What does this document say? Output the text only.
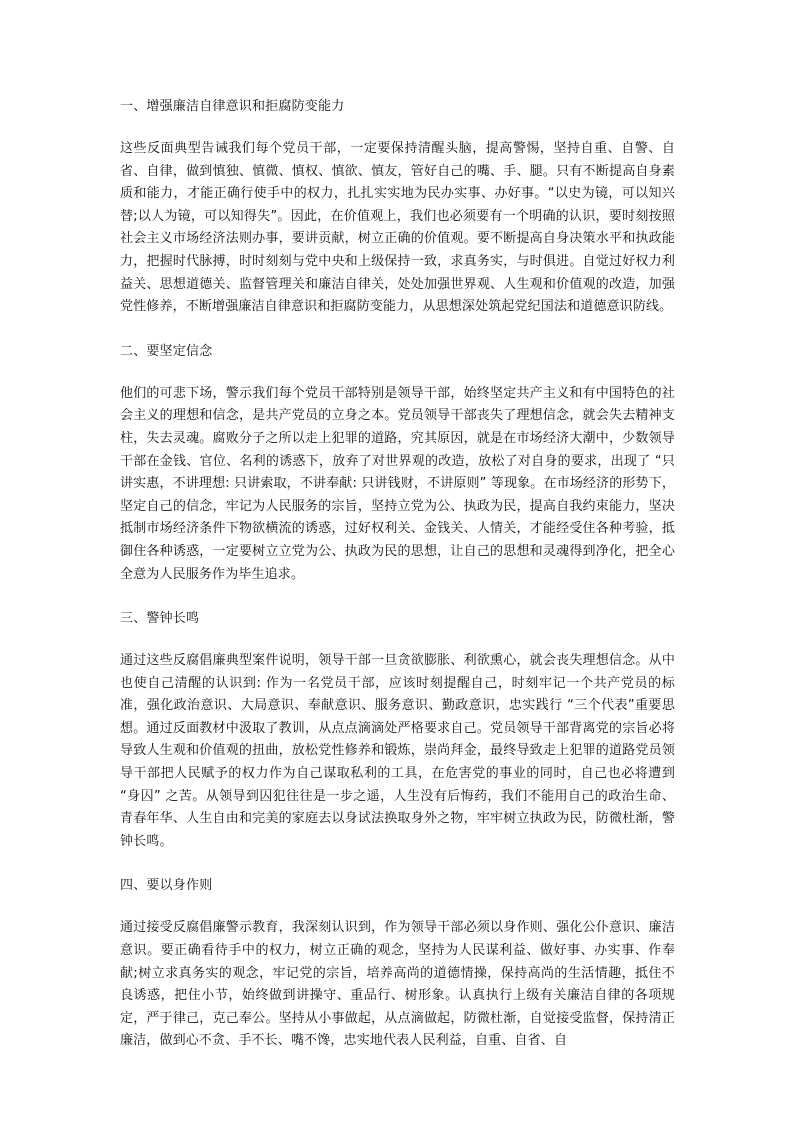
一、增强廉洁自律意识和拒腐防变能力

这些反面典型告诫我们每个党员干部，一定要保持清醒头脑，提高警惕，坚持自重、自警、自省、自律，做到慎独、慎微、慎权、慎欲、慎友，管好自己的嘴、手、腿。只有不断提高自身素质和能力，才能正确行使手中的权力，扎扎实实地为民办实事、办好事。“以史为镜，可以知兴替;以人为镜，可以知得失”。因此，在价值观上，我们也必须要有一个明确的认识，要时刻按照社会主义市场经济法则办事，要讲贡献，树立正确的价值观。要不断提高自身决策水平和执政能力，把握时代脉搏，时时刻刻与党中央和上级保持一致，求真务实，与时俱进。自觉过好权力利益关、思想道德关、监督管理关和廉洁自律关，处处加强世界观、人生观和价值观的改造，加强党性修养，不断增强廉洁自律意识和拒腐防变能力，从思想深处筑起党纪国法和道德意识防线。

二、要坚定信念

他们的可悲下场，警示我们每个党员干部特别是领导干部，始终坚定共产主义和有中国特色的社会主义的理想和信念，是共产党员的立身之本。党员领导干部丧失了理想信念，就会失去精神支柱，失去灵魂。腐败分子之所以走上犯罪的道路，究其原因，就是在市场经济大潮中，少数领导干部在金钱、官位、名利的诱惑下，放弃了对世界观的改造，放松了对自身的要求，出现了 “只讲实惠，不讲理想: 只讲索取，不讲奉献: 只讲钱财，不讲原则” 等现象。在市场经济的形势下，坚定自己的信念，牢记为人民服务的宗旨，坚持立党为公、执政为民，提高自我约束能力，坚决抵制市场经济条件下物欲横流的诱惑，过好权利关、金钱关、人情关，才能经受住各种考验，抵御住各种诱惑，一定要树立立党为公、执政为民的思想，让自己的思想和灵魂得到净化，把全心全意为人民服务作为毕生追求。

三、警钟长鸣

通过这些反腐倡廉典型案件说明，领导干部一旦贪欲膨胀、利欲熏心，就会丧失理想信念。从中也使自己清醒的认识到: 作为一名党员干部，应该时刻提醒自己，时刻牢记一个共产党员的标准，强化政治意识、大局意识、奉献意识、服务意识、勤政意识，忠实践行 “三个代表”重要思想。通过反面教材中汲取了教训，从点点滴滴处严格要求自己。党员领导干部背离党的宗旨必将导致人生观和价值观的扭曲，放松党性修养和锻炼，崇尚拜金，最终导致走上犯罪的道路党员领导干部把人民赋予的权力作为自己谋取私利的工具，在危害党的事业的同时，自己也必将遭到 “身囚” 之苦。从领导到囚犯往往是一步之遥，人生没有后悔药，我们不能用自己的政治生命、青春年华、人生自由和完美的家庭去以身试法换取身外之物，牢牢树立执政为民，防微杜渐，警钟长鸣。

四、要以身作则

通过接受反腐倡廉警示教育，我深刻认识到，作为领导干部必须以身作则、强化公仆意识、廉洁意识。要正确看待手中的权力，树立正确的观念，坚持为人民谋利益、做好事、办实事、作奉献;树立求真务实的观念，牢记党的宗旨，培养高尚的道德情操，保持高尚的生活情趣，抵住不良诱惑，把住小节，始终做到讲操守、重品行、树形象。认真执行上级有关廉洁自律的各项规定，严于律己，克己奉公。坚持从小事做起，从点滴做起，防微杜渐，自觉接受监督，保持清正廉洁，做到心不贪、手不长、嘴不馋，忠实地代表人民利益，自重、自省、自
